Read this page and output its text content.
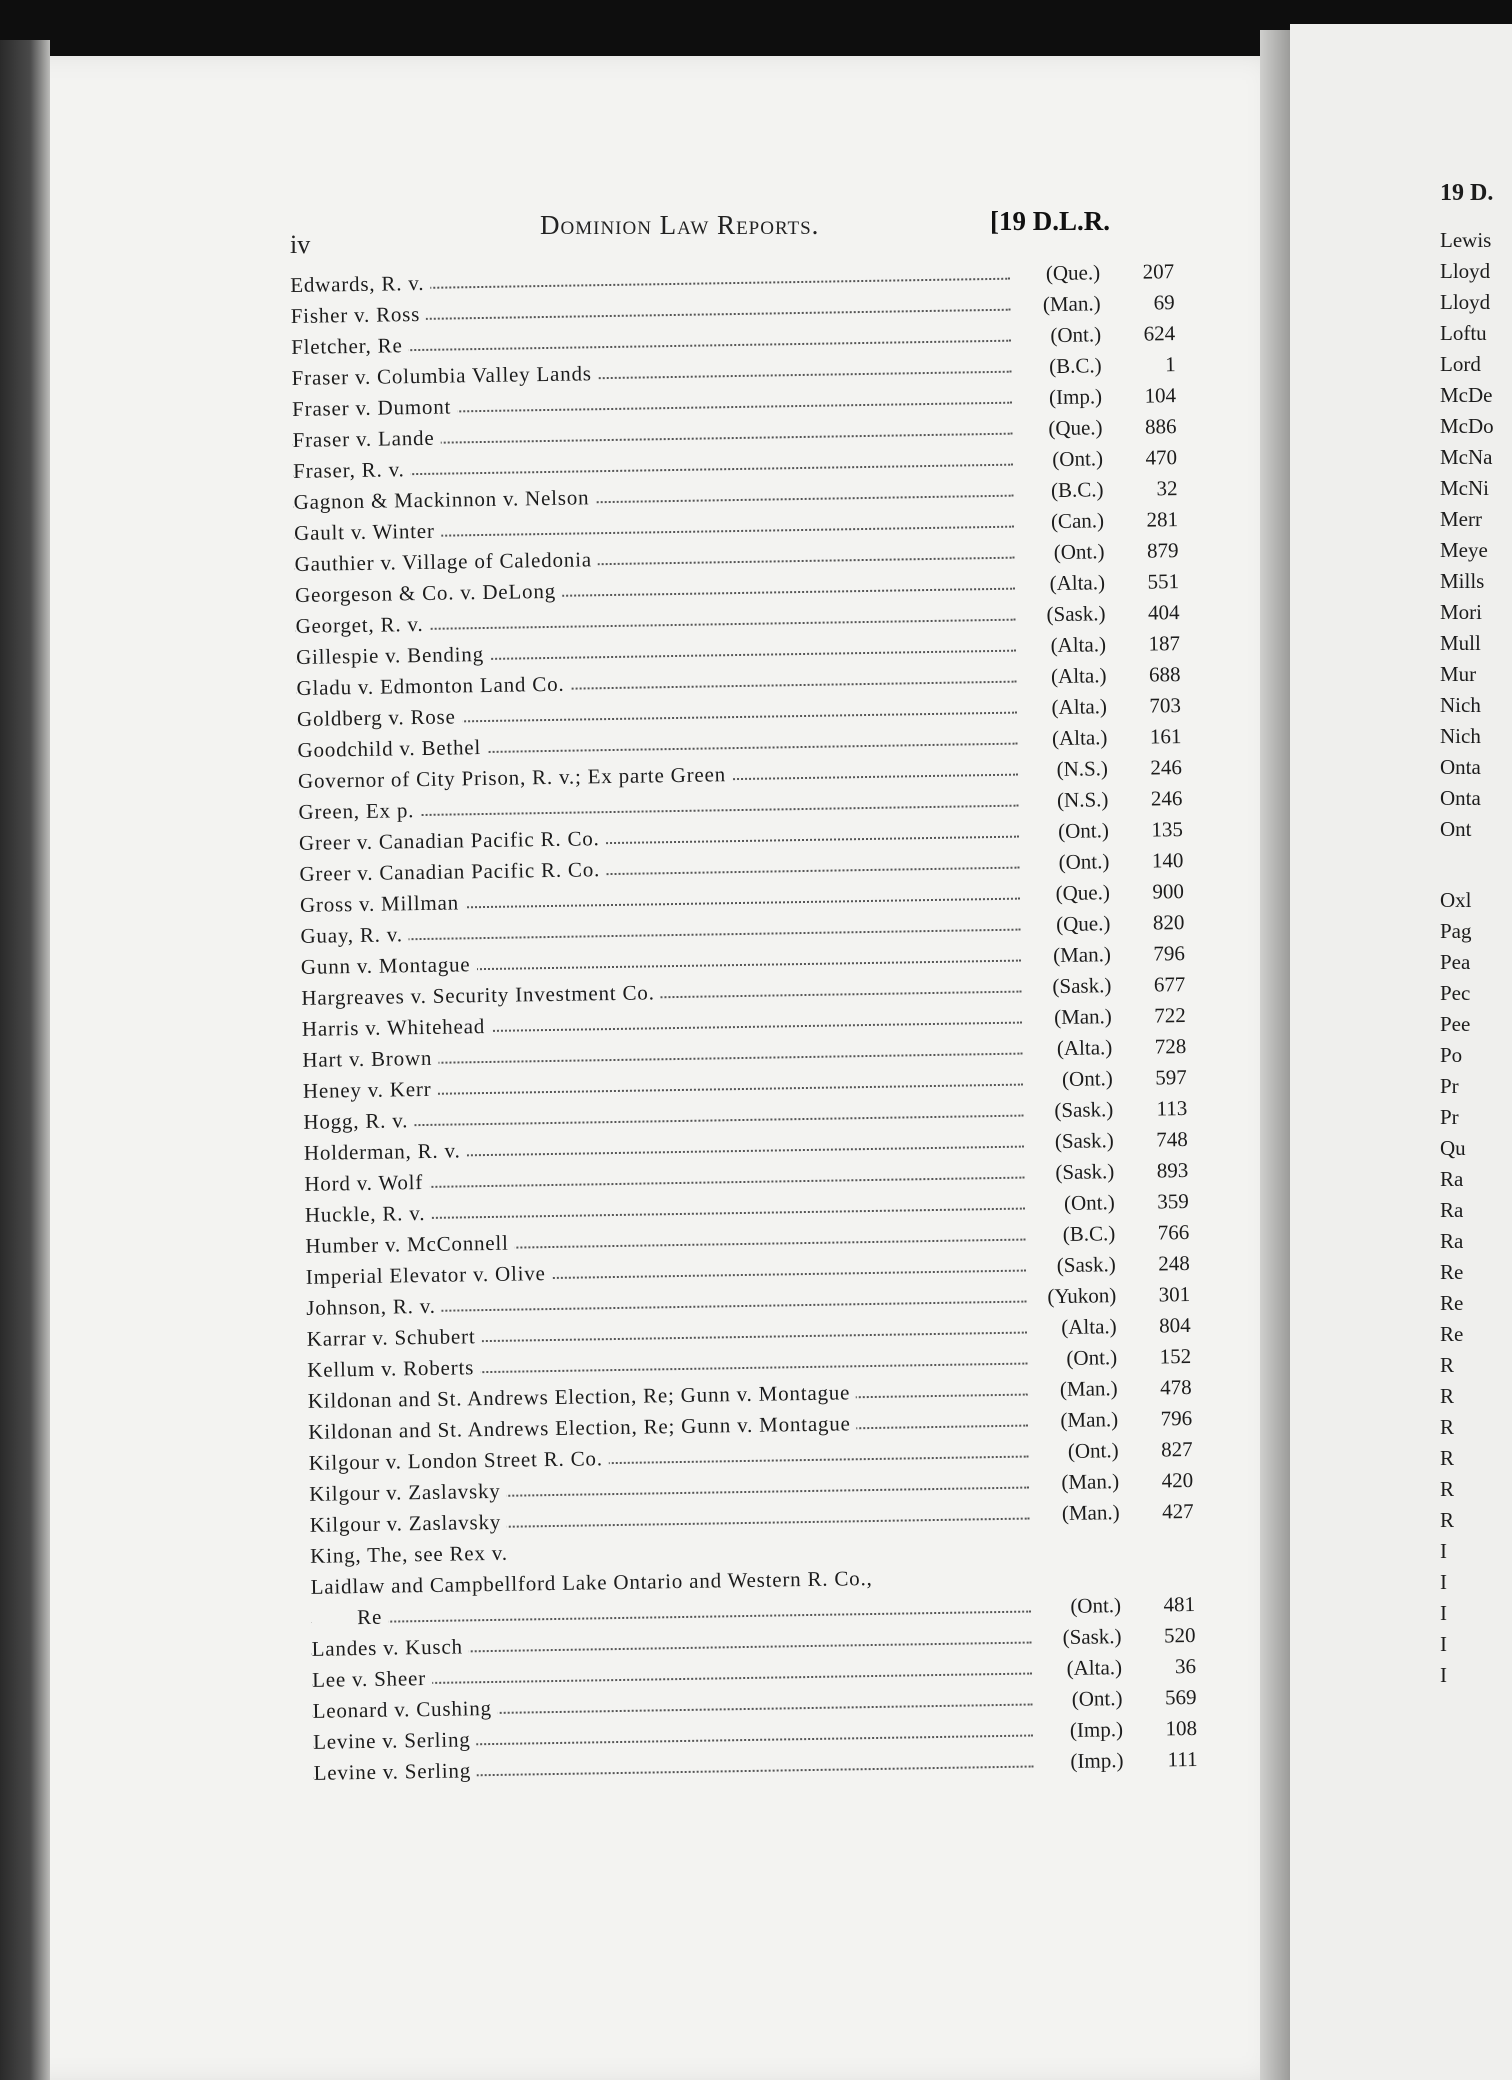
iv
Dominion Law Reports.	[19 D.L.R.
Edwards, R. v.	(Que.)	207
Fisher v. Ross	(Man.)	69
Fletcher, Re	(Ont.)	624
Fraser v. Columbia Valley Lands	(B.C.)	1
Fraser v. Dumont	(Imp.)	104
Fraser v. Lande	(Que.)	886
Fraser, R. v.	(Ont.)	470
Gagnon & Mackinnon v. Nelson	(B.C.)	32
Gault v. Winter	(Can.)	281
Gauthier v. Village of Caledonia	(Ont.)	879
Georgeson & Co. v. DeLong	(Alta.)	551
Georget, R. v.	(Sask.)	404
Gillespie v. Bending	(Alta.)	187
Gladu v. Edmonton Land Co.	(Alta.)	688
Goldberg v. Rose	(Alta.)	703
Goodchild v. Bethel	(Alta.)	161
Governor of City Prison, R. v.; Ex parte Green	(N.S.)	246
Green, Ex p.	(N.S.)	246
Greer v. Canadian Pacific R. Co.	(Ont.)	135
Greer v. Canadian Pacific R. Co.	(Ont.)	140
Gross v. Millman	(Que.)	900
Guay, R. v.	(Que.)	820
Gunn v. Montague	(Man.)	796
Hargreaves v. Security Investment Co.	(Sask.)	677
Harris v. Whitehead	(Man.)	722
Hart v. Brown	(Alta.)	728
Heney v. Kerr	(Ont.)	597
Hogg, R. v.	(Sask.)	113
Holderman, R. v.	(Sask.)	748
Hord v. Wolf	(Sask.)	893
Huckle, R. v.	(Ont.)	359
Humber v. McConnell	(B.C.)	766
Imperial Elevator v. Olive	(Sask.)	248
Johnson, R. v.	(Yukon)	301
Karrar v. Schubert	(Alta.)	804
Kellum v. Roberts	(Ont.)	152
Kildonan and St. Andrews Election, Re; Gunn v. Montague	(Man.)	478
Kildonan and St. Andrews Election, Re; Gunn v. Montague	(Man.)	796
Kilgour v. London Street R. Co.	(Ont.)	827
Kilgour v. Zaslavsky	(Man.)	420
Kilgour v. Zaslavsky	(Man.)	427
King, The, see Rex v.
Laidlaw and Campbellford Lake Ontario and Western R. Co.,
Re	(Ont.)	481
Landes v. Kusch	(Sask.)	520
Lee v. Sheer	(Alta.)	36
Leonard v. Cushing	(Ont.)	569
Levine v. Serling	(Imp.)	108
Levine v. Serling	(Imp.)	111
19 D.
Lewis
Lloyd
Lloyd
Loftu
Lord
McDe
McDo
McNa
McNi
Merr
Meye
Mills
Mori
Mull
Mur
Nich
Nich
Onta
Onta
Ont
Oxl
Pag
Pea
Pec
Pee
Po
Pr
Pr
Qu
Ra
Ra
Ra
Re
Re
Re
R
R
R
R
R
R
I
I
I
I
I
